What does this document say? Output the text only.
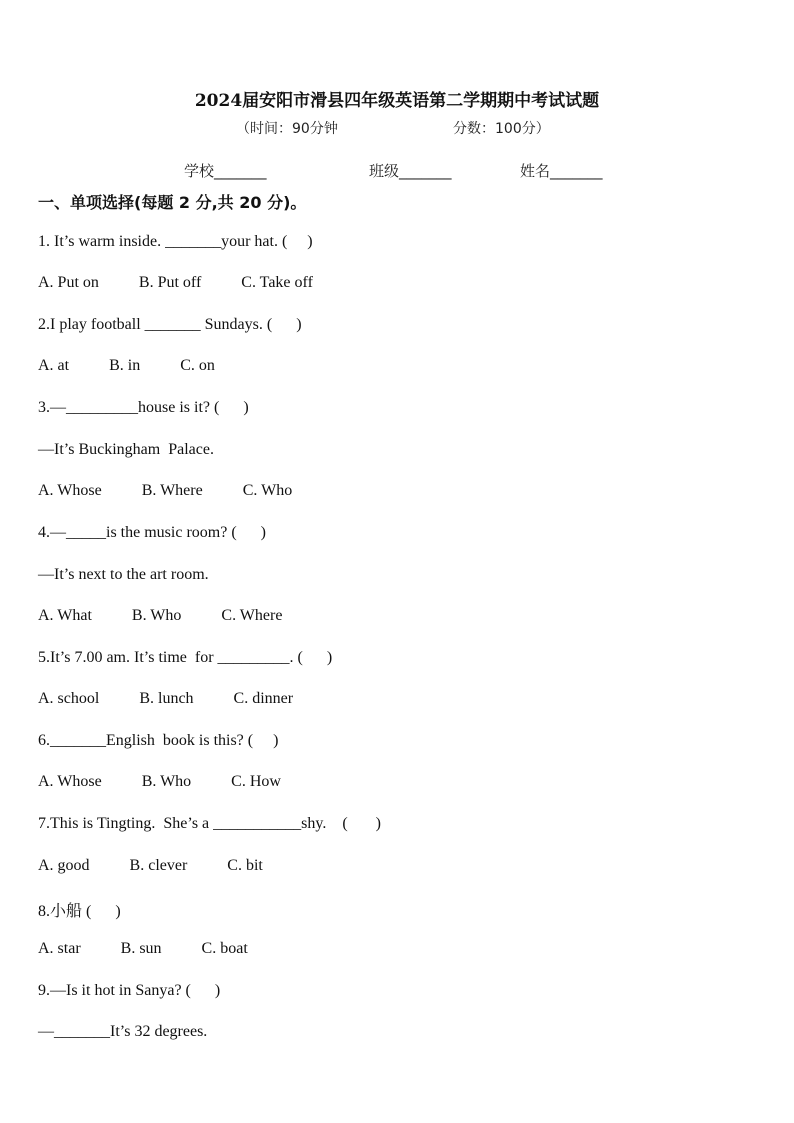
2024届安阳市滑县四年级英语第二学期期中考试试题
（时间：90分钟	分数：100分）
学校_______	班级_______	姓名_______
一、单项选择(每题 2 分,共 20 分)。
1. It’s warm inside. _______your hat. (     )
A. Put on          B. Put off          C. Take off
2.I play football _______ Sundays. (      )
A. at          B. in          C. on
3.—_________house is it? (      )
—It’s Buckingham  Palace.
A. Whose          B. Where          C. Who
4.—_____is the music room? (      )
—It’s next to the art room.
A. What          B. Who          C. Where
5.It’s 7.00 am. It’s time  for _________. (      )
A. school          B. lunch          C. dinner
6._______English  book is this? (     )
A. Whose          B. Who          C. How
7.This is Tingting.  She’s a ___________shy.    (       )
A. good          B. clever          C. bit
8.小船 (      )
A. star          B. sun          C. boat
9.—Is it hot in Sanya? (      )
—_______It’s 32 degrees.
